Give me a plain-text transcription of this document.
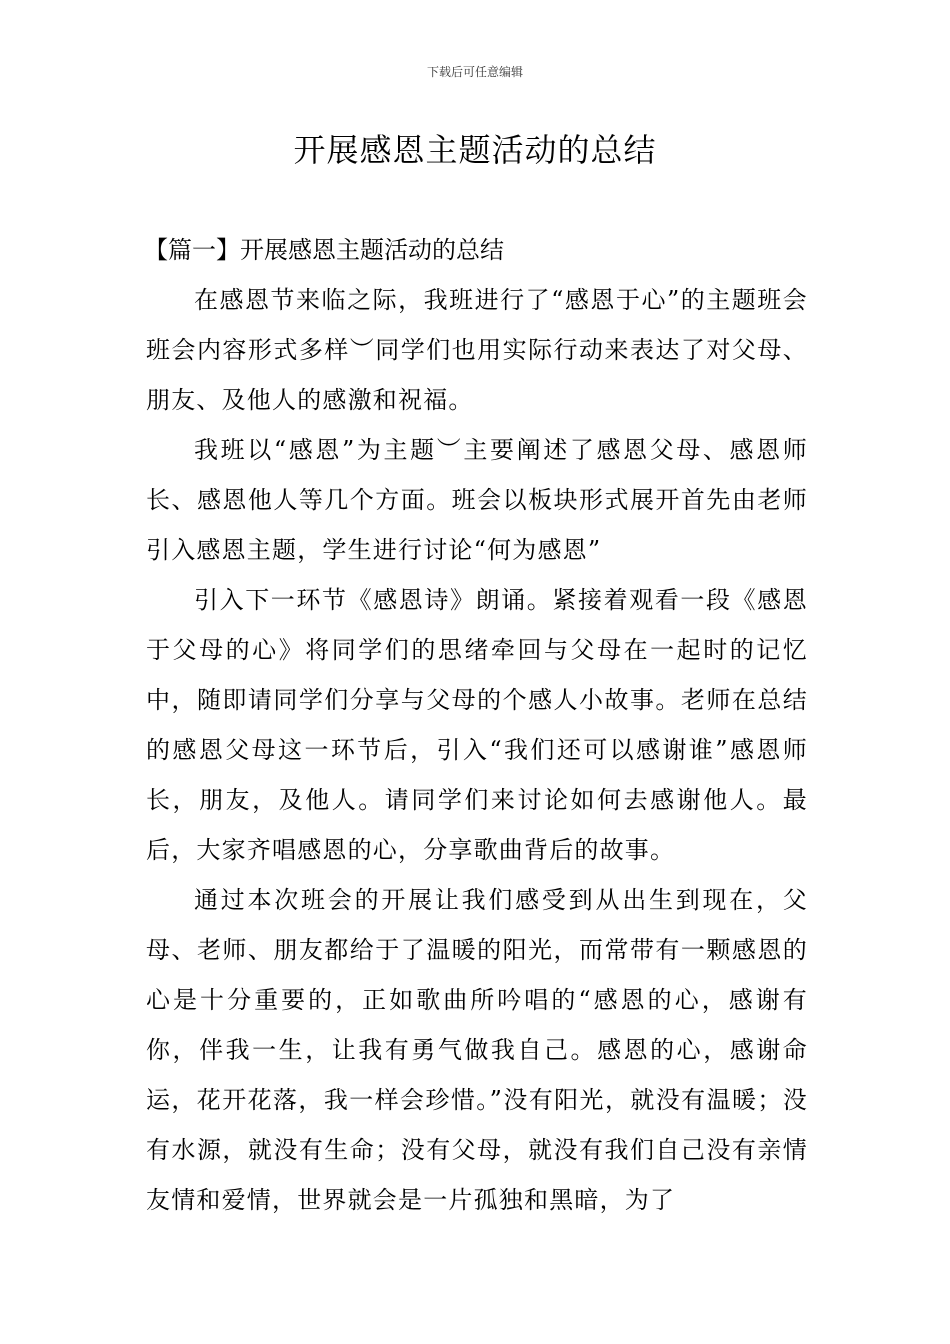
下载后可任意编辑
开展感恩主题活动的总结
【篇一】开展感恩主题活动的总结

在感恩节来临之际，我班进行了“感恩于心”的主题班会班会内容形式多样︶同学们也用实际行动来表达了对父母、朋友、及他人的感激和祝福。

我班以“感恩”为主题︶主要阐述了感恩父母、感恩师长、感恩他人等几个方面。班会以板块形式展开首先由老师引入感恩主题，学生进行讨论“何为感恩”

引入下一环节《感恩诗》朗诵。紧接着观看一段《感恩于父母的心》将同学们的思绪牵回与父母在一起时的记忆中，随即请同学们分享与父母的个感人小故事。老师在总结的感恩父母这一环节后，引入“我们还可以感谢谁”感恩师长，朋友，及他人。请同学们来讨论如何去感谢他人。最后，大家齐唱感恩的心，分享歌曲背后的故事。

通过本次班会的开展让我们感受到从出生到现在，父母、老师、朋友都给于了温暖的阳光，而常带有一颗感恩的心是十分重要的，正如歌曲所吟唱的“感恩的心，感谢有你，伴我一生，让我有勇气做我自己。感恩的心，感谢命运，花开花落，我一样会珍惜。”没有阳光，就没有温暖；没有水源，就没有生命；没有父母，就没有我们自己没有亲情友情和爱情，世界就会是一片孤独和黑暗，为了
